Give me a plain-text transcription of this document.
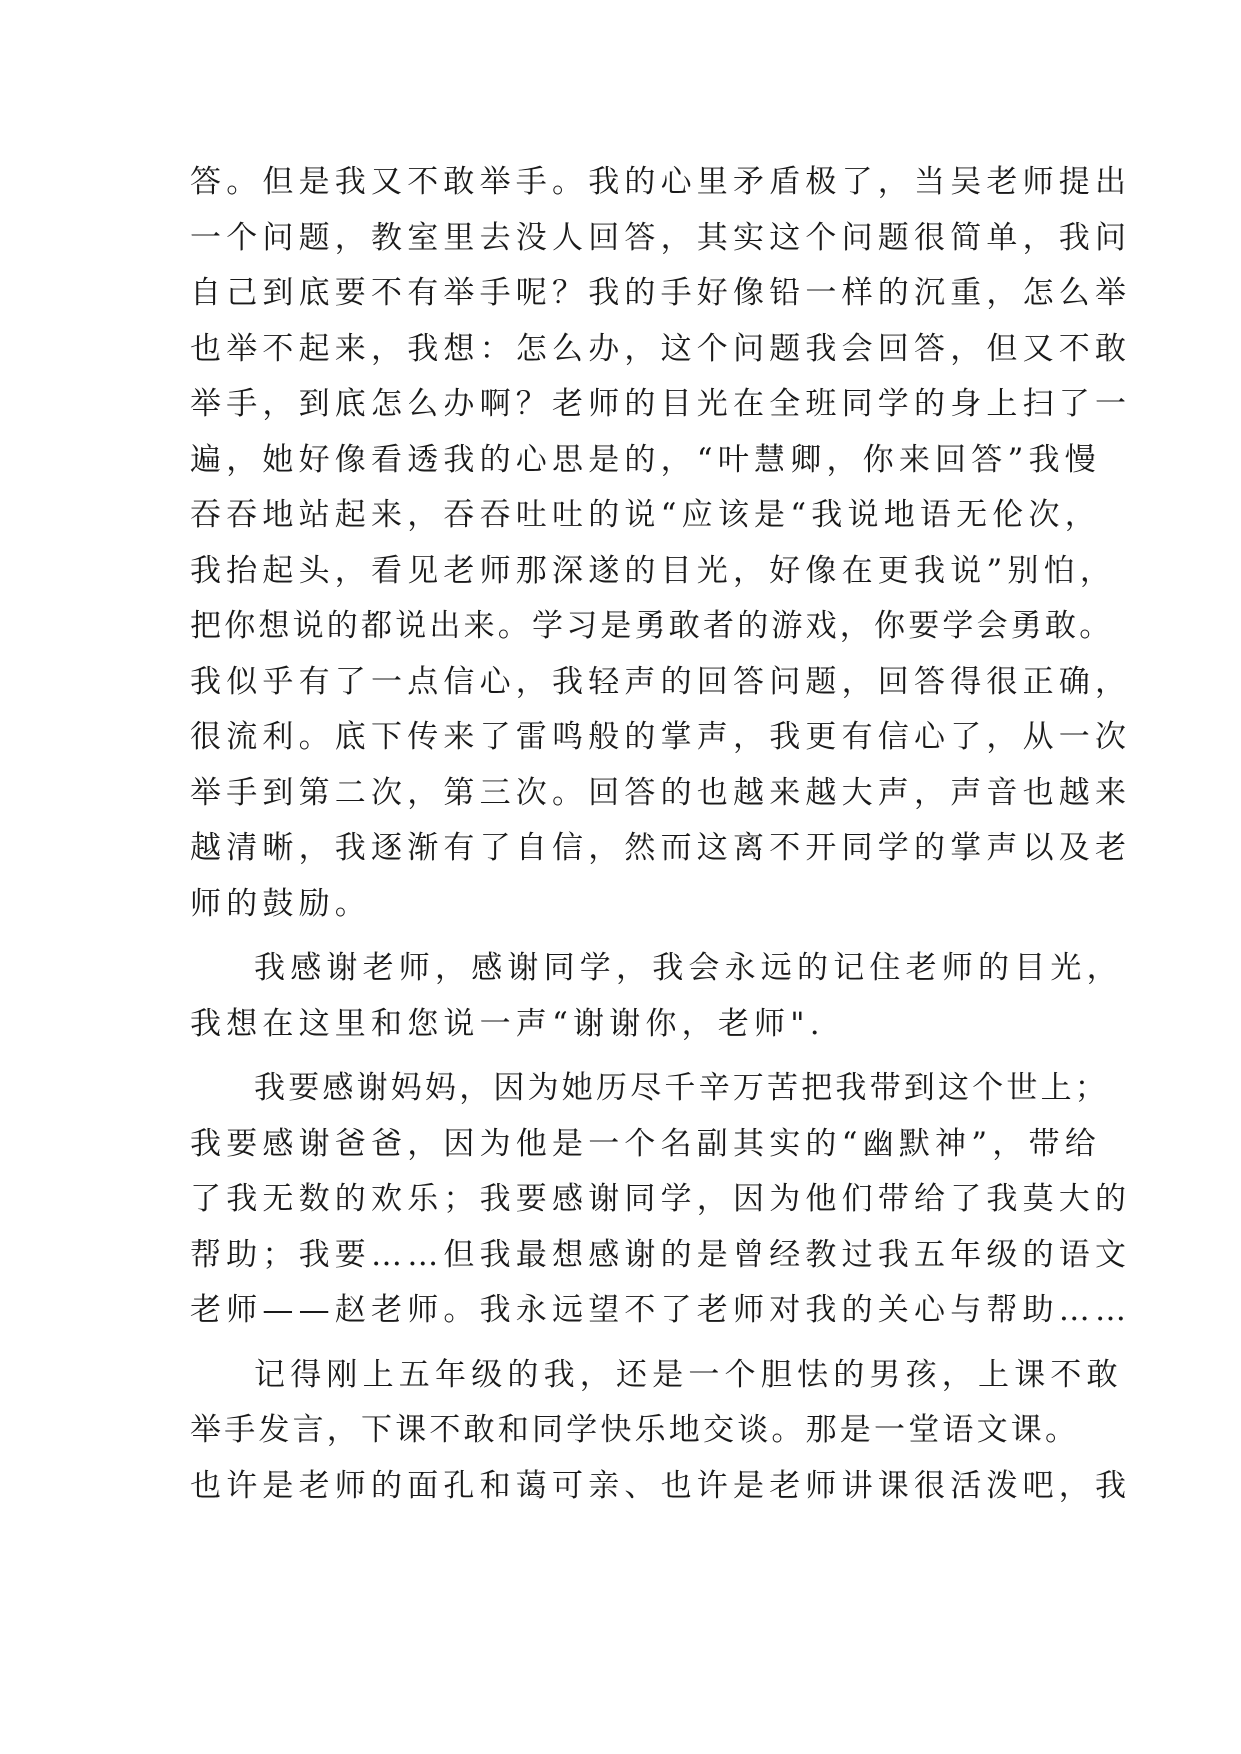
答。但是我又不敢举手。我的心里矛盾极了，当吴老师提出
一个问题，教室里去没人回答，其实这个问题很简单，我问
自己到底要不有举手呢？我的手好像铅一样的沉重，怎么举
也举不起来，我想：怎么办，这个问题我会回答，但又不敢
举手，到底怎么办啊？老师的目光在全班同学的身上扫了一
遍，她好像看透我的心思是的，“叶慧卿，你来回答”我慢
吞吞地站起来，吞吞吐吐的说“应该是“我说地语无伦次，
我抬起头，看见老师那深遂的目光，好像在更我说”别怕，
把你想说的都说出来。学习是勇敢者的游戏，你要学会勇敢。
我似乎有了一点信心，我轻声的回答问题，回答得很正确，
很流利。底下传来了雷鸣般的掌声，我更有信心了，从一次
举手到第二次，第三次。回答的也越来越大声，声音也越来
越清晰，我逐渐有了自信，然而这离不开同学的掌声以及老
师的鼓励。
我感谢老师，感谢同学，我会永远的记住老师的目光，
我想在这里和您说一声“谢谢你，老师".
我要感谢妈妈，因为她历尽千辛万苦把我带到这个世上；
我要感谢爸爸，因为他是一个名副其实的“幽默神”，带给
了我无数的欢乐；我要感谢同学，因为他们带给了我莫大的
帮助；我要……但我最想感谢的是曾经教过我五年级的语文
老师——赵老师。我永远望不了老师对我的关心与帮助……
记得刚上五年级的我，还是一个胆怯的男孩，上课不敢
举手发言，下课不敢和同学快乐地交谈。那是一堂语文课。
也许是老师的面孔和蔼可亲、也许是老师讲课很活泼吧，我
